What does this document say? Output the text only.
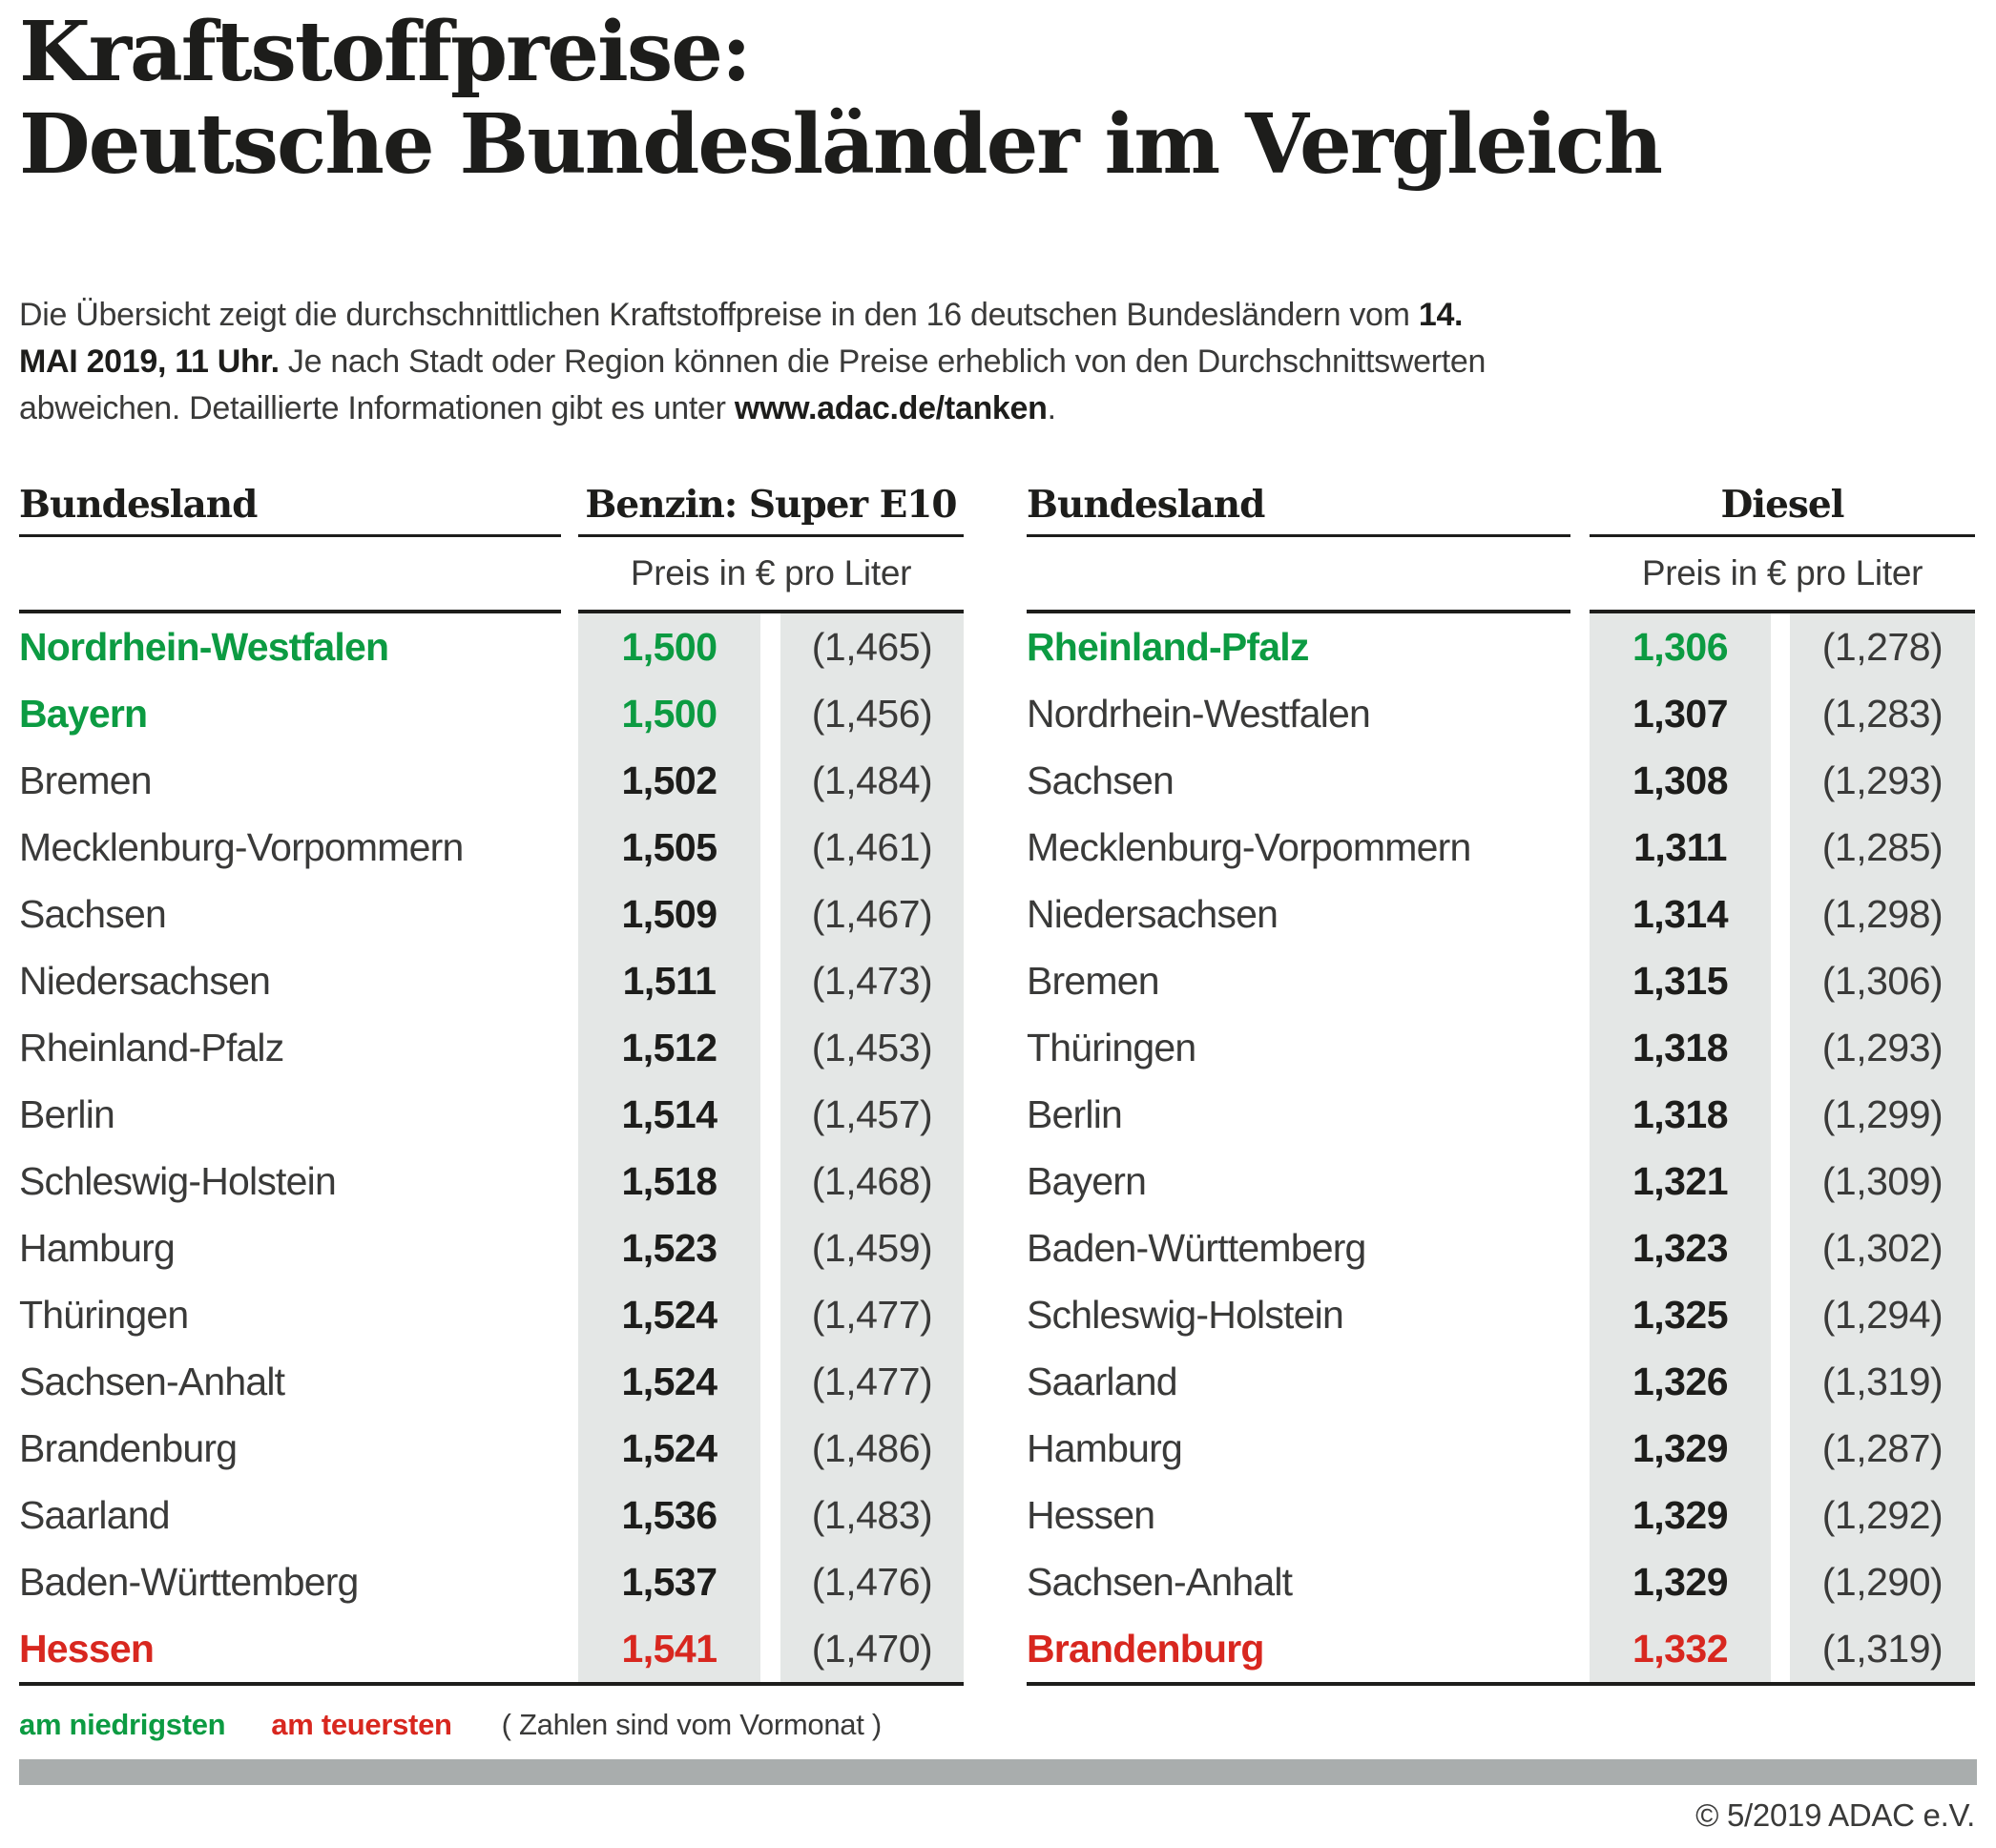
Kraftstoffpreise:
Deutsche Bundesländer im Vergleich

Die Übersicht zeigt die durchschnittlichen Kraftstoffpreise in den 16 deutschen Bundesländern vom 14. MAI 2019, 11 Uhr. Je nach Stadt oder Region können die Preise erheblich von den Durchschnittswerten abweichen. Detaillierte Informationen gibt es unter www.adac.de/tanken.

Bundesland	Benzin: Super E10
Preis in € pro Liter
Nordrhein-Westfalen	1,500	(1,465)
Bayern	1,500	(1,456)
Bremen	1,502	(1,484)
Mecklenburg-Vorpommern	1,505	(1,461)
Sachsen	1,509	(1,467)
Niedersachsen	1,511	(1,473)
Rheinland-Pfalz	1,512	(1,453)
Berlin	1,514	(1,457)
Schleswig-Holstein	1,518	(1,468)
Hamburg	1,523	(1,459)
Thüringen	1,524	(1,477)
Sachsen-Anhalt	1,524	(1,477)
Brandenburg	1,524	(1,486)
Saarland	1,536	(1,483)
Baden-Württemberg	1,537	(1,476)
Hessen	1,541	(1,470)
Bundesland	Diesel
Preis in € pro Liter
Rheinland-Pfalz	1,306	(1,278)
Nordrhein-Westfalen	1,307	(1,283)
Sachsen	1,308	(1,293)
Mecklenburg-Vorpommern	1,311	(1,285)
Niedersachsen	1,314	(1,298)
Bremen	1,315	(1,306)
Thüringen	1,318	(1,293)
Berlin	1,318	(1,299)
Bayern	1,321	(1,309)
Baden-Württemberg	1,323	(1,302)
Schleswig-Holstein	1,325	(1,294)
Saarland	1,326	(1,319)
Hamburg	1,329	(1,287)
Hessen	1,329	(1,292)
Sachsen-Anhalt	1,329	(1,290)
Brandenburg	1,332	(1,319)
am niedrigsten am teuersten ( Zahlen sind vom Vormonat )
© 5/2019 ADAC e.V.
